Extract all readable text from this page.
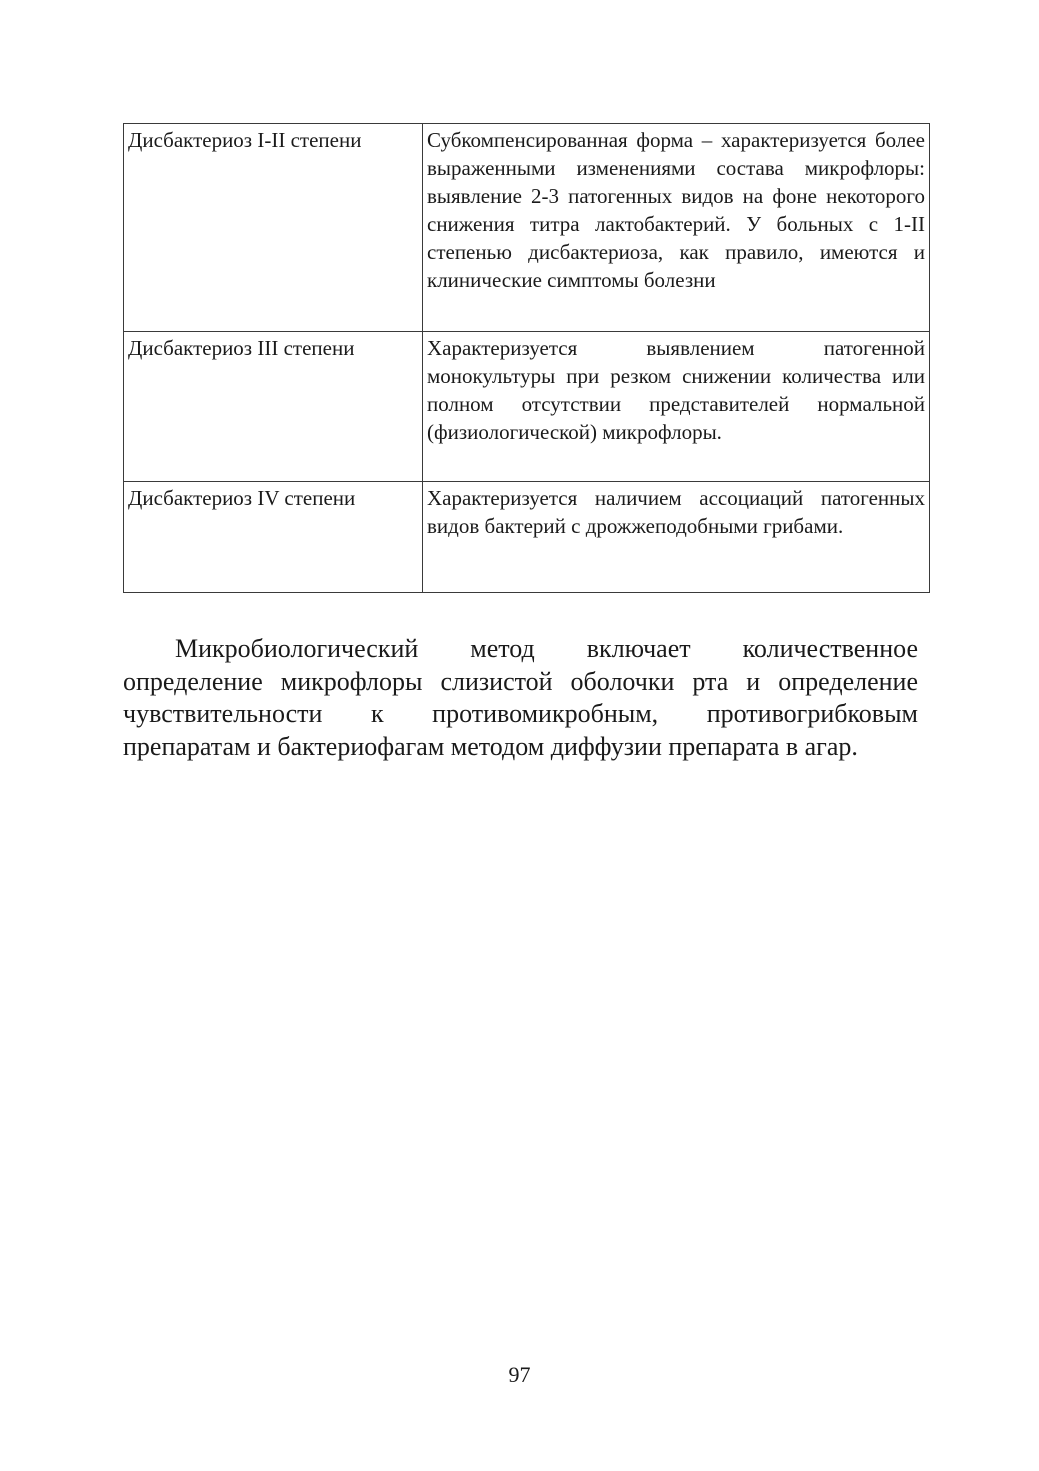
Дисбактериоз I-II степени	Субкомпенсированная форма – характеризуется более выраженными изменениями состава микрофлоры: выявление 2-3 патогенных видов на фоне некоторого снижения титра лактобактерий. У больных с 1-II степенью дисбактериоза, как правило, имеются и клинические симптомы болезни
Дисбактериоз III степени	Характеризуется выявлением патогенной монокультуры при резком снижении количества или полном отсутствии представителей нормальной (физиологической) микрофлоры.
Дисбактериоз IV степени	Характеризуется наличием ассоциаций патогенных видов бактерий с дрожжеподобными грибами.

Микробиологический метод включает количественное определение микрофлоры слизистой оболочки рта и определение чувствительности к противомикробным, противогрибковым препаратам и бактериофагам методом диффузии препарата в агар.

97
